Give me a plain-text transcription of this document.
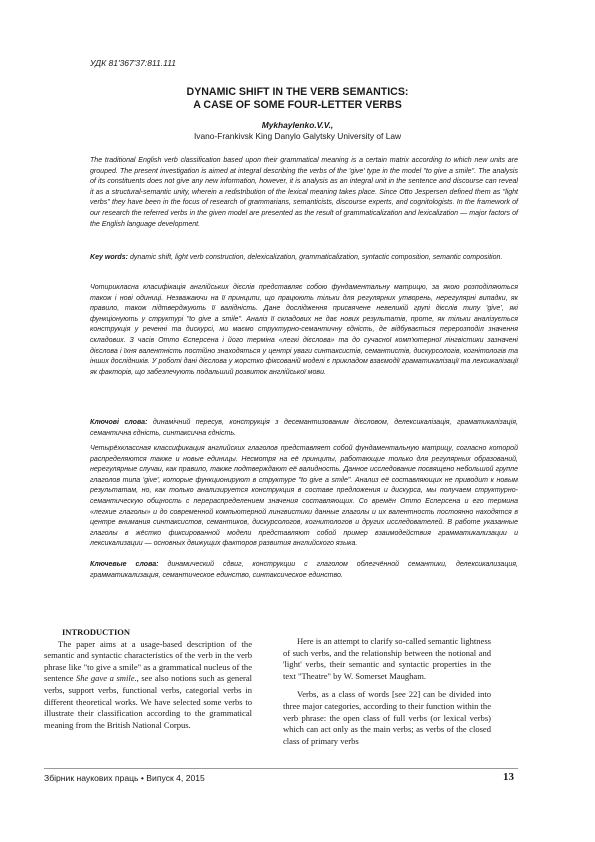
УДК 81'367'37:811.111
DYNAMIC SHIFT IN THE VERB SEMANTICS:
A CASE OF SOME FOUR-LETTER VERBS
Mykhaylenko.V.V.,
Ivano-Frankivsk King Danylo Galytsky University of Law
The traditional English verb classification based upon their grammatical meaning is a certain matrix according to which new units are grouped. The present investigation is aimed at integral describing the verbs of the 'give' type in the model "to give a smile". The analysis of its constituents does not give any new information, however, it is analysis as an integral unit in the sentence and discourse can reveal it as a structural-semantic unity, wherein a redistribution of the lexical meaning takes place. Since Otto Jespersen defined them as "light verbs" they have been in the focus of research of grammarians, semanticists, discourse experts, and cognitologists. In the framework of our research the referred verbs in the given model are presented as the result of grammaticalization and lexicalization — major factors of the English language development.
Key words: dynamic shift, light verb construction, delexicalization, grammaticalization, syntactic composition, semantic composition.
Чотирикласна класифікація англійських дієслів представляє собою фундаментальну матрицю, за якою розподіляються також і нові одиниці. Незважаючи на її принципи, що працюють тільки для регулярних утворень, нерегулярні випадки, як правило, також підтверджують її валідність. Дане дослідження присвячене невеликій групі дієслів типу 'give', які функціонують у структурі "to give a smile". Аналіз її складових не дає нових результатів, проте, як тільки аналізується конструкція у реченні та дискурсі, ми маємо структурно-семантичну єдність, де відбувається перерозподіл значення складових. З часів Отто Єсперсена і його терміна «легкі дієслова» та до сучасної комп'ютерної лінгвістики зазначені дієслова і їхня валентність постійно знаходяться у центрі уваги синтаксистів, семантистів, дискурсологів, когнітологів та інших дослідників. У роботі дані дієслова у жорстко фіксованій моделі є прикладом взаємодії граматикалізації та лексикалізації як факторів, що забезпечують подальший розвиток англійської мови.
Ключові слова: динамічний пересув, конструкція з десемантизованим дієсловом, делексикалізація, граматикалізація, семантична єдність, синтаксична єдність.
Четырёхклассная классификация английских глаголов представляет собой фундаментальную матрицу, согласно которой распределяются также и новые единицы. Несмотря на её принципы, работающие только для регулярных образований, нерегулярные случаи, как правило, также подтверждают её валидность. Данное исследование посвящено небольшой группе глаголов типа 'give', которые функционируют в структуре "to give a smile". Анализ её составляющих не приводит к новым результатам, но, как только анализируется конструкция в составе предложения и дискурса, мы получаем структурно-семантическую общность с перераспределением значения составляющих. Со времён Отто Есперсена и его термина «легкие глаголы» и до современной компьютерной лингвистики данные глаголы и их валентность постоянно находятся в центре внимания синтаксистов, семантиков, дискурсологов, когнитологов и других исследователей. В работе указанные глаголы в жёстко фиксированной модели представляют собой пример взаимодействия грамматикализации и лексикализации — основных движущих факторов развития английского языка.
Ключевые слова: динамический сдвиг, конструкции с глаголом облегчённой семантики, делексикализация, грамматикализация, семантическое единство, синтаксическое единство.
INTRODUCTION

The paper aims at a usage-based description of the semantic and syntactic characteristics of the verb in the verb phrase like "to give a smile" as a grammatical nucleus of the sentence She gave a smile., see also notions such as general verbs, support verbs, functional verbs, categorial verbs in different theoretical works. We have selected some verbs to illustrate their classification according to the grammatical meaning from the British National Corpus.

Here is an attempt to clarify so-called semantic lightness of such verbs, and the relationship between the notional and 'light' verbs, their semantic and syntactic properties in the text "Theatre" by W. Somerset Maugham.

Verbs, as a class of words [see 22] can be divided into three major categories, according to their function within the verb phrase: the open class of full verbs (or lexical verbs) which can act only as the main verbs; as verbs of the closed class of primary verbs

Збірник наукових праць • Випуск 4, 2015	13
